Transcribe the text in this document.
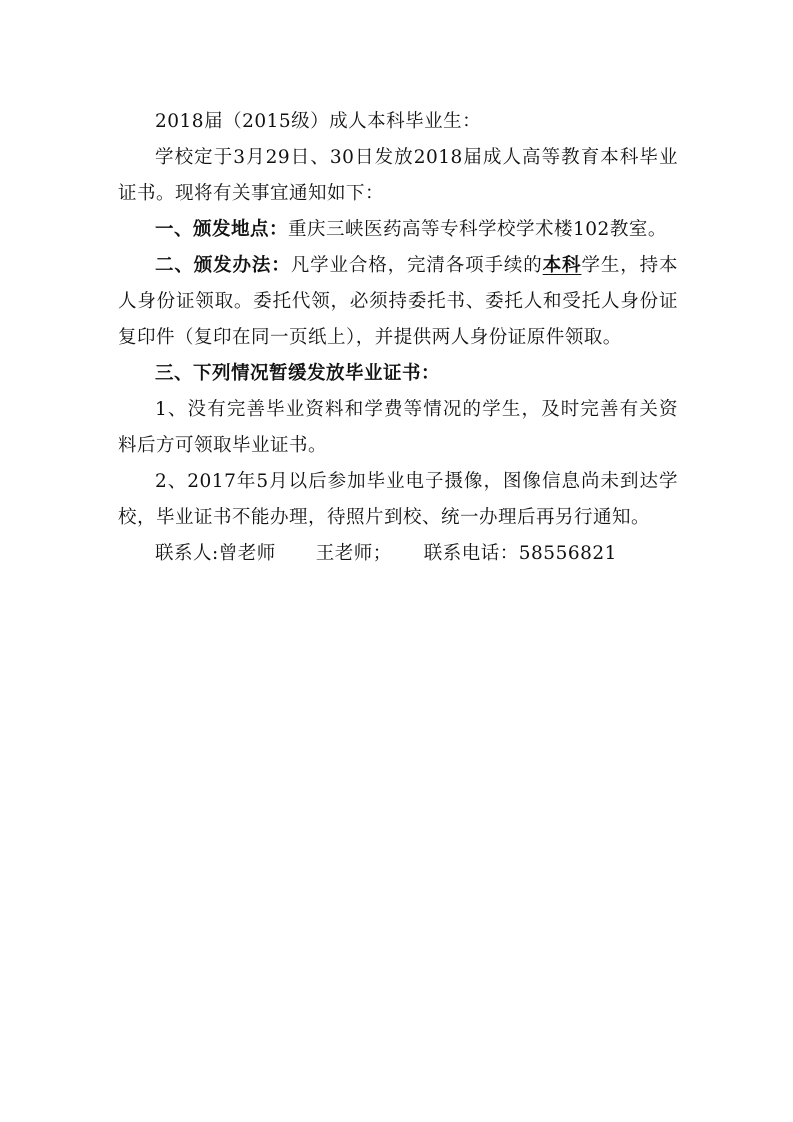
2018届（2015级）成人本科毕业生：

学校定于3月29日、30日发放2018届成人高等教育本科毕业证书。现将有关事宜通知如下：

一、颁发地点：重庆三峡医药高等专科学校学术楼102教室。

二、颁发办法：凡学业合格，完清各项手续的本科学生，持本人身份证领取。委托代领，必须持委托书、委托人和受托人身份证复印件（复印在同一页纸上），并提供两人身份证原件领取。

三、下列情况暂缓发放毕业证书：

1、没有完善毕业资料和学费等情况的学生，及时完善有关资料后方可领取毕业证书。

2、2017年5月以后参加毕业电子摄像，图像信息尚未到达学校，毕业证书不能办理，待照片到校、统一办理后再另行通知。

联系人:曾老师 王老师； 联系电话：58556821
